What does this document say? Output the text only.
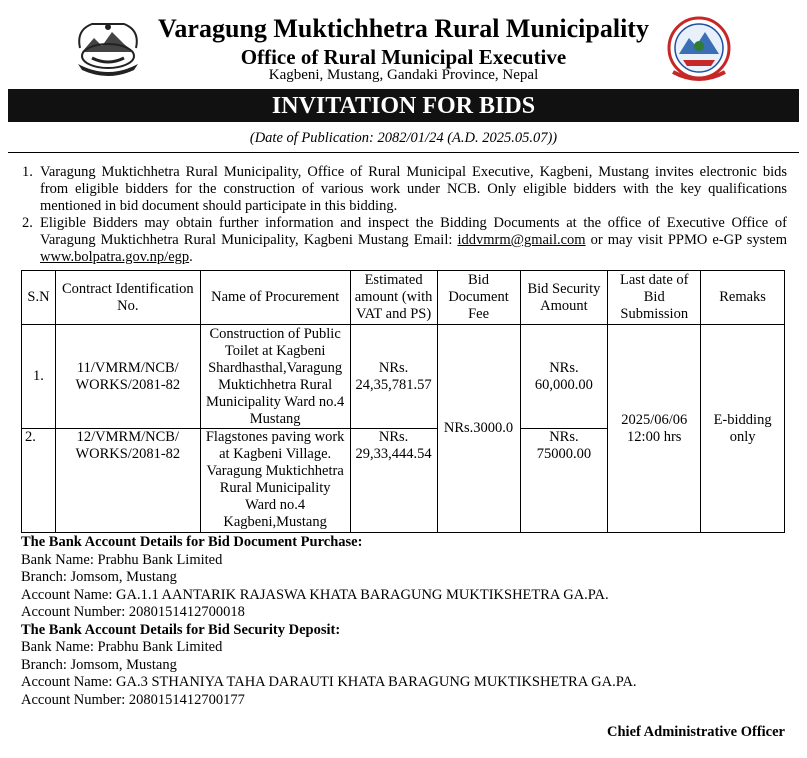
Varagung Muktichhetra Rural Municipality
Office of Rural Municipal Executive
Kagbeni, Mustang, Gandaki Province, Nepal
INVITATION FOR BIDS
(Date of Publication: 2082/01/24 (A.D. 2025.05.07))
1. Varagung Muktichhetra Rural Municipality, Office of Rural Municipal Executive, Kagbeni, Mustang invites electronic bids from eligible bidders for the construction of various work under NCB. Only eligible bidders with the key qualifications mentioned in bid document should participate in this bidding.
2. Eligible Bidders may obtain further information and inspect the Bidding Documents at the office of Executive Office of Varagung Muktichhetra Rural Municipality, Kagbeni Mustang Email: iddvmrm@gmail.com or may visit PPMO e-GP system www.bolpatra.gov.np/egp.
S.N	Contract Identification No.	Name of Procurement	Estimated amount (with VAT and PS)	Bid Document Fee	Bid Security Amount	Last date of Bid Submission	Remaks
1.	11/VMRM/NCB/ WORKS/2081-82	Construction of Public Toilet at Kagbeni Shardhasthal,Varagung Muktichhetra Rural Municipality Ward no.4 Mustang	NRs. 24,35,781.57	NRs.3000.0	NRs. 60,000.00	2025/06/06 12:00 hrs	E-bidding only
2.	12/VMRM/NCB/ WORKS/2081-82	Flagstones paving work at Kagbeni Village. Varagung Muktichhetra Rural Municipality Ward no.4 Kagbeni,Mustang	NRs. 29,33,444.54		NRs. 75000.00		
The Bank Account Details for Bid Document Purchase:
Bank Name: Prabhu Bank Limited
Branch: Jomsom, Mustang
Account Name: GA.1.1 AANTARIK RAJASWA KHATA BARAGUNG MUKTIKSHETRA GA.PA.
Account Number: 2080151412700018
The Bank Account Details for Bid Security Deposit:
Bank Name: Prabhu Bank Limited
Branch: Jomsom, Mustang
Account Name: GA.3 STHANIYA TAHA DARAUTI KHATA BARAGUNG MUKTIKSHETRA GA.PA.
Account Number: 2080151412700177
Chief Administrative Officer
